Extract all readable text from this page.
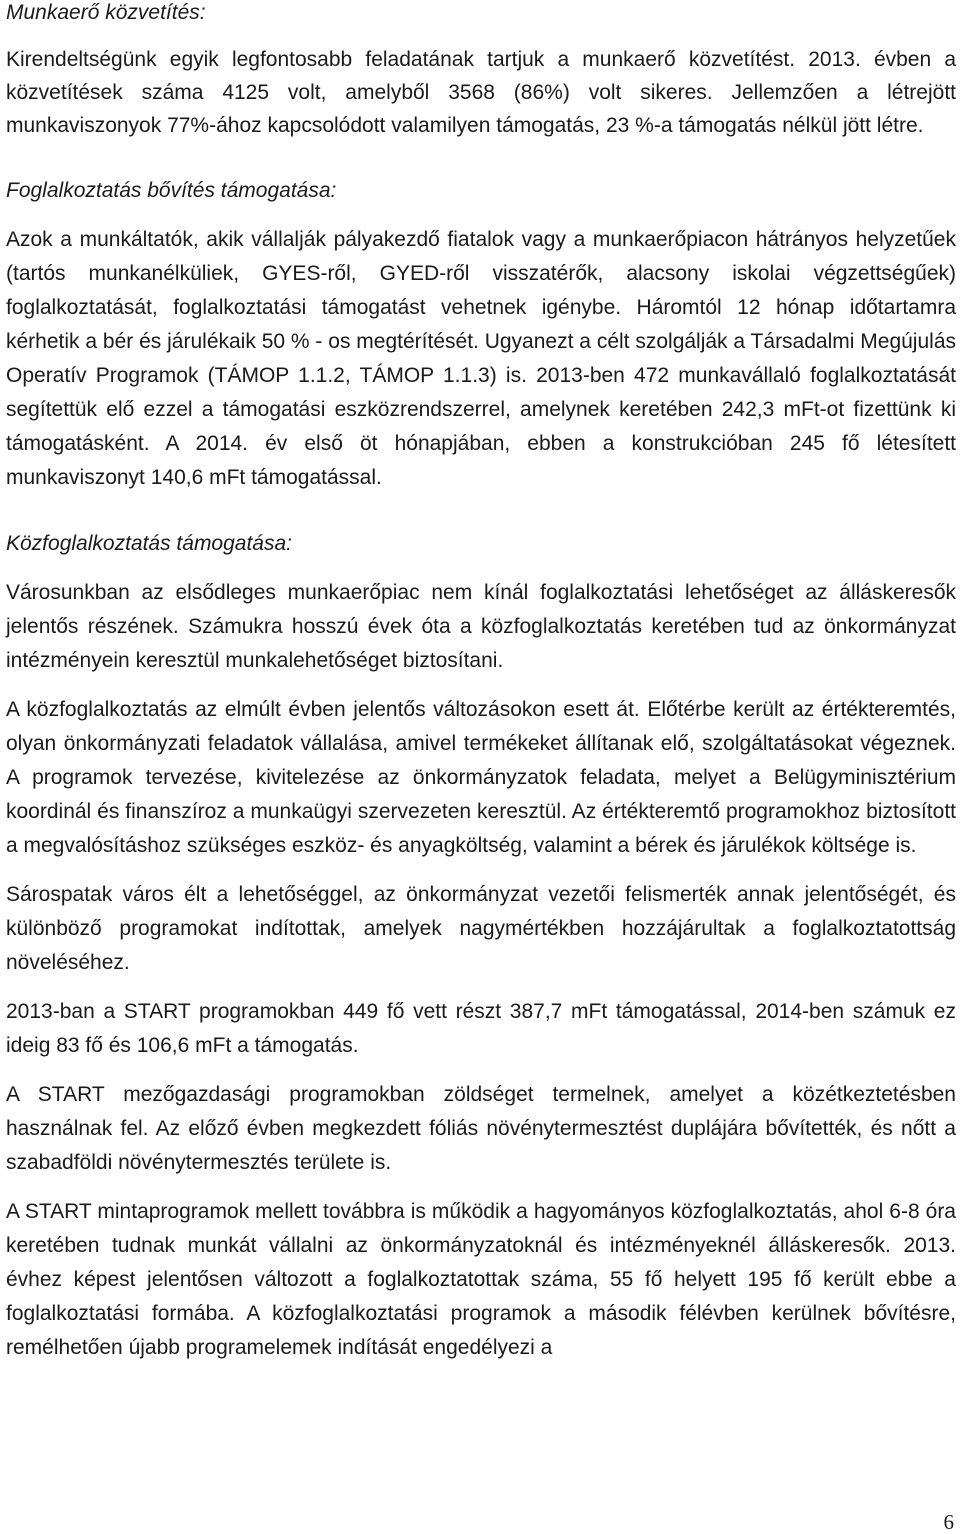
Munkaerő közvetítés:

Kirendeltségünk egyik legfontosabb feladatának tartjuk a munkaerő közvetítést. 2013. évben a közvetítések száma 4125 volt, amelyből 3568 (86%) volt sikeres. Jellemzően a létrejött munkaviszonyok 77%-ához kapcsolódott valamilyen támogatás, 23 %-a támogatás nélkül jött létre.

Foglalkoztatás bővítés támogatása:

Azok a munkáltatók, akik vállalják pályakezdő fiatalok vagy a munkaerőpiacon hátrányos helyzetűek (tartós munkanélküliek, GYES-ről, GYED-ről visszatérők, alacsony iskolai végzettségűek) foglalkoztatását, foglalkoztatási támogatást vehetnek igénybe. Háromtól 12 hónap időtartamra kérhetik a bér és járulékaik 50 % - os megtérítését. Ugyanezt a célt szolgálják a Társadalmi Megújulás Operatív Programok (TÁMOP 1.1.2, TÁMOP 1.1.3) is. 2013-ben 472 munkavállaló foglalkoztatását segítettük elő ezzel a támogatási eszközrendszerrel, amelynek keretében 242,3 mFt-ot fizettünk ki támogatásként. A 2014. év első öt hónapjában, ebben a konstrukcióban 245 fő létesített munkaviszonyt 140,6 mFt támogatással.

Közfoglalkoztatás támogatása:

Városunkban az elsődleges munkaerőpiac nem kínál foglalkoztatási lehetőséget az álláskeresők jelentős részének. Számukra hosszú évek óta a közfoglalkoztatás keretében tud az önkormányzat intézményein keresztül munkalehetőséget biztosítani.

A közfoglalkoztatás az elmúlt évben jelentős változásokon esett át. Előtérbe került az értékteremtés, olyan önkormányzati feladatok vállalása, amivel termékeket állítanak elő, szolgáltatásokat végeznek. A programok tervezése, kivitelezése az önkormányzatok feladata, melyet a Belügyminisztérium koordinál és finanszíroz a munkaügyi szervezeten keresztül. Az értékteremtő programokhoz biztosított a megvalósításhoz szükséges eszköz- és anyagköltség, valamint a bérek és járulékok költsége is.

Sárospatak város élt a lehetőséggel, az önkormányzat vezetői felismerték annak jelentőségét, és különböző programokat indítottak, amelyek nagymértékben hozzájárultak a foglalkoztatottság növeléséhez.

2013-ban a START programokban 449 fő vett részt 387,7 mFt támogatással, 2014-ben számuk ez ideig 83 fő és 106,6 mFt a támogatás.

A START mezőgazdasági programokban zöldséget termelnek, amelyet a közétkeztetésben használnak fel. Az előző évben megkezdett fóliás növénytermesztést duplájára bővítették, és nőtt a szabadföldi növénytermesztés területe is.

A START mintaprogramok mellett továbbra is működik a hagyományos közfoglalkoztatás, ahol 6-8 óra keretében tudnak munkát vállalni az önkormányzatoknál és intézményeknél álláskeresők. 2013. évhez képest jelentősen változott a foglalkoztatottak száma, 55 fő helyett 195 fő került ebbe a foglalkoztatási formába. A közfoglalkoztatási programok a második félévben kerülnek bővítésre, remélhetően újabb programelemek indítását engedélyezi a

6
